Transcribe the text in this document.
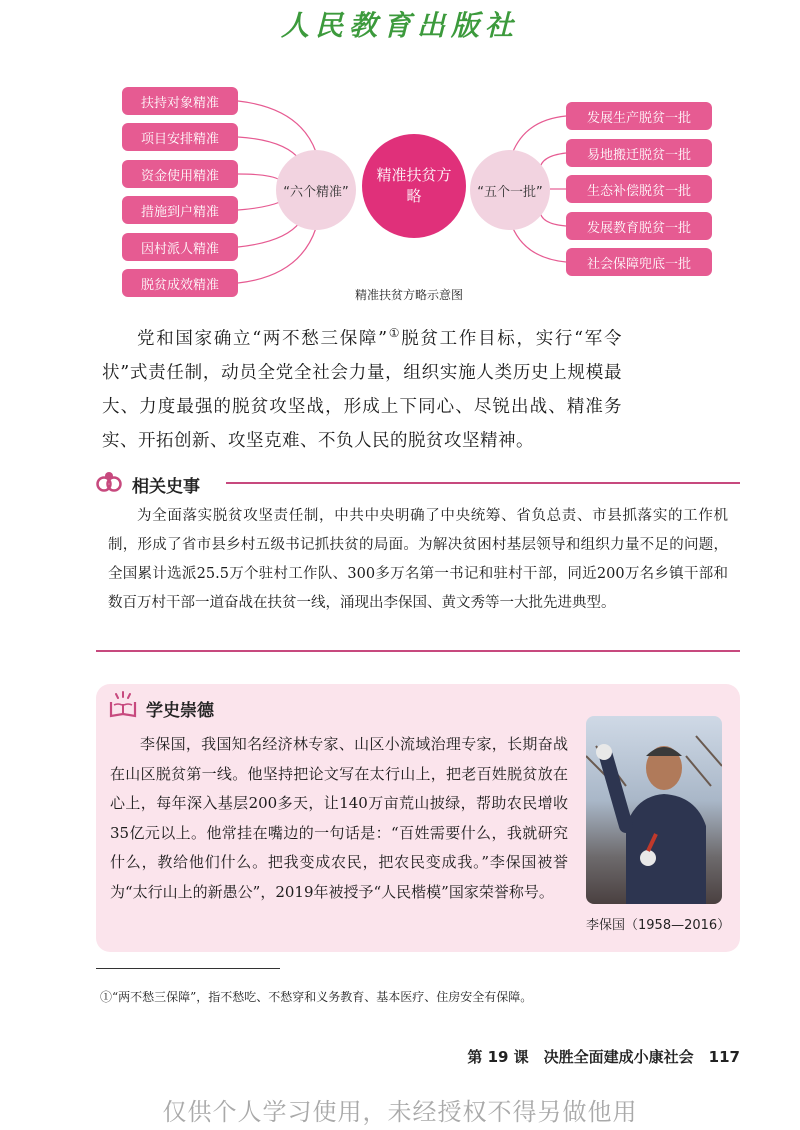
人民教育出版社
扶持对象精准
项目安排精准
资金使用精准
措施到户精准
因村派人精准
脱贫成效精准
“六个精准”
精准扶贫方略	“五个一批”
发展生产脱贫一批
易地搬迁脱贫一批
生态补偿脱贫一批
发展教育脱贫一批
社会保障兜底一批
精准扶贫方略示意图
党和国家确立“两不愁三保障”①脱贫工作目标，实行“军令状”式责任制，动员全党全社会力量，组织实施人类历史上规模最大、力度最强的脱贫攻坚战，形成上下同心、尽锐出战、精准务实、开拓创新、攻坚克难、不负人民的脱贫攻坚精神。
相关史事
为全面落实脱贫攻坚责任制，中共中央明确了中央统筹、省负总责、市县抓落实的工作机制，形成了省市县乡村五级书记抓扶贫的局面。为解决贫困村基层领导和组织力量不足的问题，全国累计选派25.5万个驻村工作队、300多万名第一书记和驻村干部，同近200万名乡镇干部和数百万村干部一道奋战在扶贫一线，涌现出李保国、黄文秀等一大批先进典型。
学史崇德
李保国，我国知名经济林专家、山区小流域治理专家，长期奋战在山区脱贫第一线。他坚持把论文写在太行山上，把老百姓脱贫放在心上，每年深入基层200多天，让140万亩荒山披绿，帮助农民增收35亿元以上。他常挂在嘴边的一句话是：“百姓需要什么，我就研究什么，教给他们什么。把我变成农民，把农民变成我。”李保国被誉为“太行山上的新愚公”，2019年被授予“人民楷模”国家荣誉称号。
李保国（1958—2016）
①“两不愁三保障”，指不愁吃、不愁穿和义务教育、基本医疗、住房安全有保障。
第 19 课　决胜全面建成小康社会　117
仅供个人学习使用，未经授权不得另做他用
